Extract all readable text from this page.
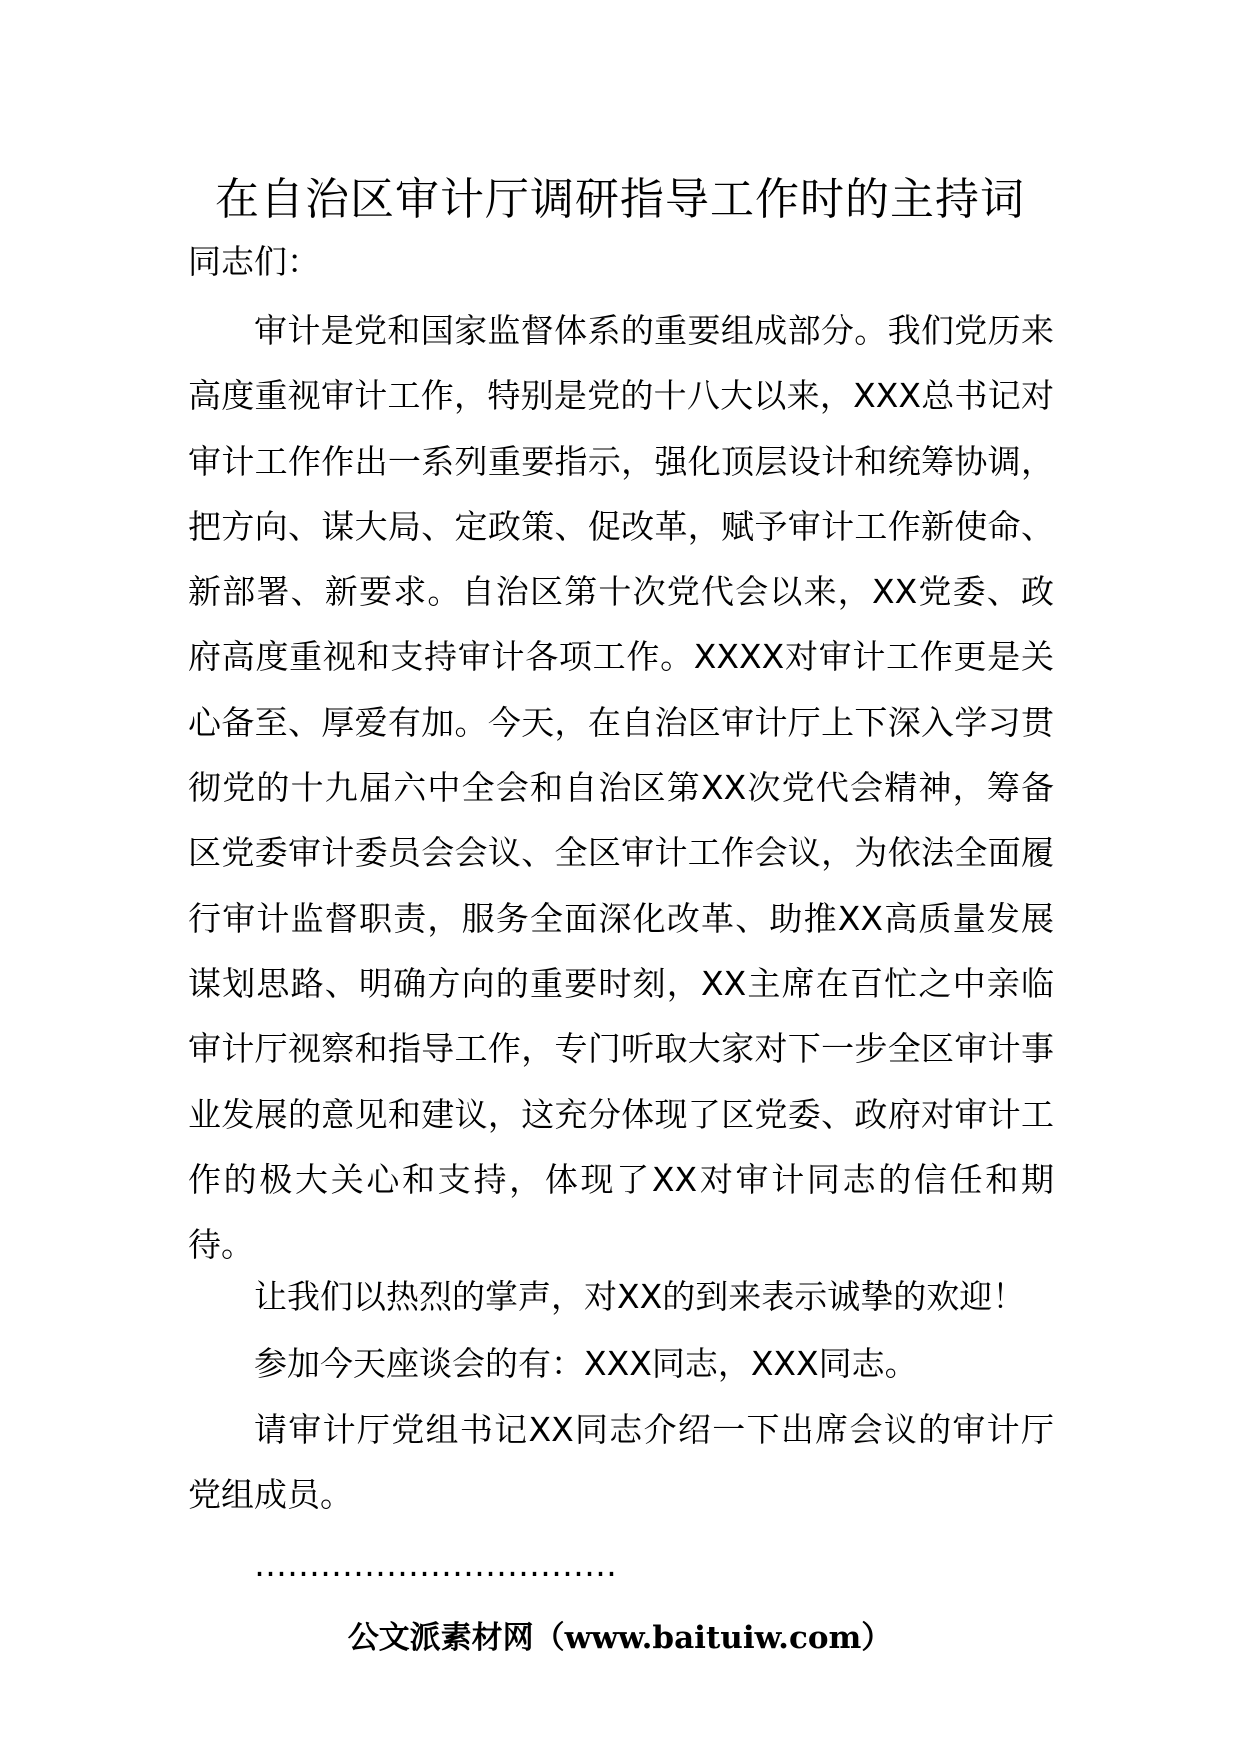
在自治区审计厅调研指导工作时的主持词
同志们：
审计是党和国家监督体系的重要组成部分。我们党历来高度重视审计工作，特别是党的十八大以来，XXX总书记对审计工作作出一系列重要指示，强化顶层设计和统筹协调，把方向、谋大局、定政策、促改革，赋予审计工作新使命、新部署、新要求。自治区第十次党代会以来，XX党委、政府高度重视和支持审计各项工作。XXXX对审计工作更是关心备至、厚爱有加。今天，在自治区审计厅上下深入学习贯彻党的十九届六中全会和自治区第XX次党代会精神，筹备区党委审计委员会会议、全区审计工作会议，为依法全面履行审计监督职责，服务全面深化改革、助推XX高质量发展谋划思路、明确方向的重要时刻，XX主席在百忙之中亲临审计厅视察和指导工作，专门听取大家对下一步全区审计事业发展的意见和建议，这充分体现了区党委、政府对审计工作的极大关心和支持，体现了XX对审计同志的信任和期待。
让我们以热烈的掌声，对XX的到来表示诚挚的欢迎！
参加今天座谈会的有：XXX同志，XXX同志。
请审计厅党组书记XX同志介绍一下出席会议的审计厅党组成员。
……………………………
公文派素材网（www.baituiw.com）
